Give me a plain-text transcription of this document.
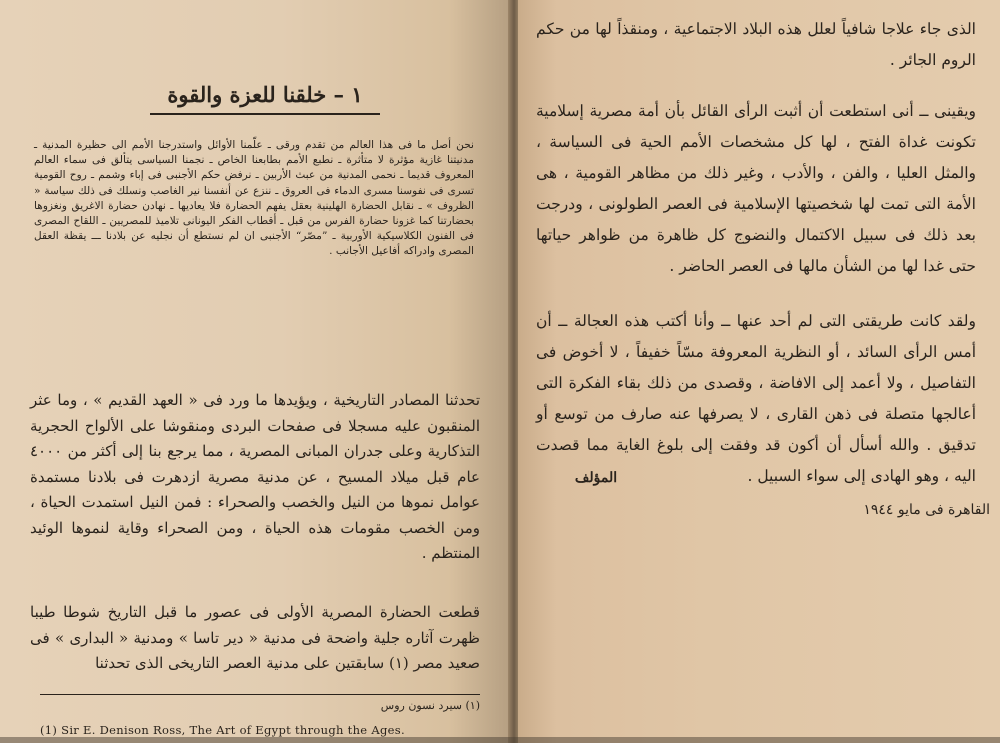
١ – خلقنا للعزة والقوة

نحن أصل ما فى هذا العالم من تقدم ورقى ـ علّمنا الأوائل واستدرجنا الأمم الى حظيرة المدنية ـ مدنيتنا غازية مؤثرة لا متأثرة ـ نطبع الأمم بطابعنا الخاص ـ نجمنا السياسى يتألق فى سماء العالم المعروف قديما ـ نحمى المدنية من عبث الأربين ـ نرفض حكم الأجنبى فى إباء وشمم ـ روح القومية تسرى فى نفوسنا مسرى الدماء فى العروق ـ ننزع عن أنفسنا نير الغاصب ونسلك فى ذلك سياسة « الظروف » ـ نقابل الحضارة الهلينية بعقل يفهم الحضارة فلا يعاديها ـ نهادن حضارة الاغريق ونغزوها بحضارتنا كما غزونا حضارة الفرس من قبل ـ أقطاب الفكر اليونانى تلاميذ للمصريين ـ اللقاح المصرى فى الفنون الكلاسيكية الأوربية ـ ”مصّر“ الأجنبى ان لم نستطع أن نجليه عن بلادنا ـــ يقظة العقل المصرى وادراكه أفاعيل الأجانب .

تحدثنا المصادر التاريخية ، ويؤيدها ما ورد فى « العهد القديم » ، وما عثر المنقبون عليه مسجلا فى صفحات البردى ومنقوشا على الألواح الحجرية التذكارية وعلى جدران المبانى المصرية ، مما يرجع بنا إلى أكثر من ٤٠٠٠ عام قبل ميلاد المسيح ، عن مدنية مصرية ازدهرت فى بلادنا مستمدة عوامل نموها من النيل والخصب والصحراء : فمن النيل استمدت الحياة ، ومن الخصب مقومات هذه الحياة ، ومن الصحراء وقاية لنموها الوئيد المنتظم .

قطعت الحضارة المصرية الأولى فى عصور ما قبل التاريخ شوطا طيبا ظهرت آثاره جلية واضحة فى مدنية « دير تاسا » ومدنية « البدارى » فى صعيد مصر (١) سابقتين على مدنية العصر التاريخى الذى تحدثنا

(١) سيرد نسون روس
(1) Sir E. Denison Ross, The Art of Egypt through the Ages.

الذى جاء علاجا شافياً لعلل هذه البلاد الاجتماعية ، ومنقذاً لها من حكم الروم الجائر .

ويقينى ــ أنى استطعت أن أثبت الرأى القائل بأن أمة مصرية إسلامية تكونت غداة الفتح ، لها كل مشخصات الأمم الحية فى السياسة ، والمثل العليا ، والفن ، والأدب ، وغير ذلك من مظاهر القومية ، هى الأمة التى تمت لها شخصيتها الإسلامية فى العصر الطولونى ، ودرجت بعد ذلك فى سبيل الاكتمال والنضوج كل ظاهرة من ظواهر حياتها حتى غدا لها من الشأن مالها فى العصر الحاضر .

ولقد كانت طريقتى التى لم أحد عنها ــ وأنا أكتب هذه العجالة ــ أن أمس الرأى السائد ، أو النظرية المعروفة مسّاً خفيفاً ، لا أخوض فى التفاصيل ، ولا أعمد إلى الافاضة ، وقصدى من ذلك بقاء الفكرة التى أعالجها متصلة فى ذهن القارى ، لا يصرفها عنه صارف من توسع أو تدقيق . والله أسأل أن أكون قد وفقت إلى بلوغ الغاية مما قصدت اليه ، وهو الهادى إلى سواء السبيل .

المؤلف
القاهرة فى مايو ١٩٤٤
